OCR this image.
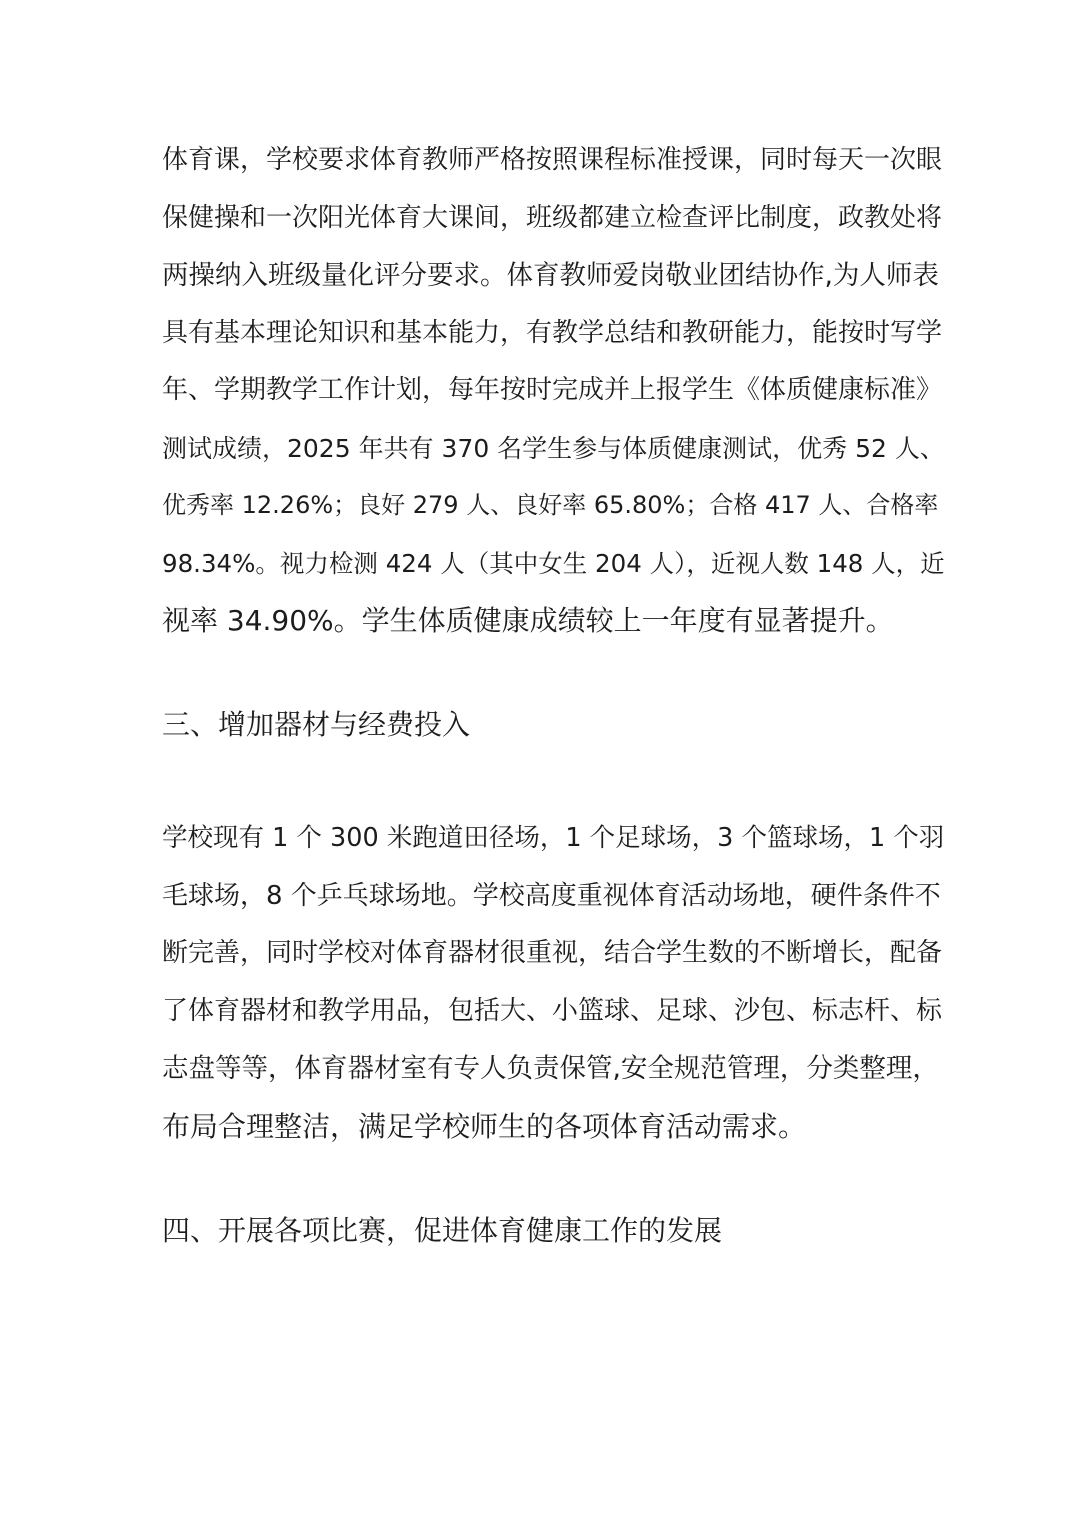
体育课，学校要求体育教师严格按照课程标准授课，同时每天一次眼
保健操和一次阳光体育大课间，班级都建立检查评比制度，政教处将
两操纳入班级量化评分要求。体育教师爱岗敬业团结协作,为人师表
具有基本理论知识和基本能力，有教学总结和教研能力，能按时写学
年、学期教学工作计划，每年按时完成并上报学生《体质健康标准》
测试成绩，2025 年共有 370 名学生参与体质健康测试，优秀 52 人、
优秀率 12.26%；良好 279 人、良好率 65.80%；合格 417 人、合格率
98.34%。视力检测 424 人（其中女生 204 人），近视人数 148 人，近
视率 34.90%。学生体质健康成绩较上一年度有显著提升。
三、增加器材与经费投入
学校现有 1 个 300 米跑道田径场，1 个足球场，3 个篮球场，1 个羽
毛球场，8 个乒乓球场地。学校高度重视体育活动场地，硬件条件不
断完善，同时学校对体育器材很重视，结合学生数的不断增长，配备
了体育器材和教学用品，包括大、小篮球、足球、沙包、标志杆、标
志盘等等，体育器材室有专人负责保管,安全规范管理，分类整理，
布局合理整洁，满足学校师生的各项体育活动需求。
四、开展各项比赛，促进体育健康工作的发展
